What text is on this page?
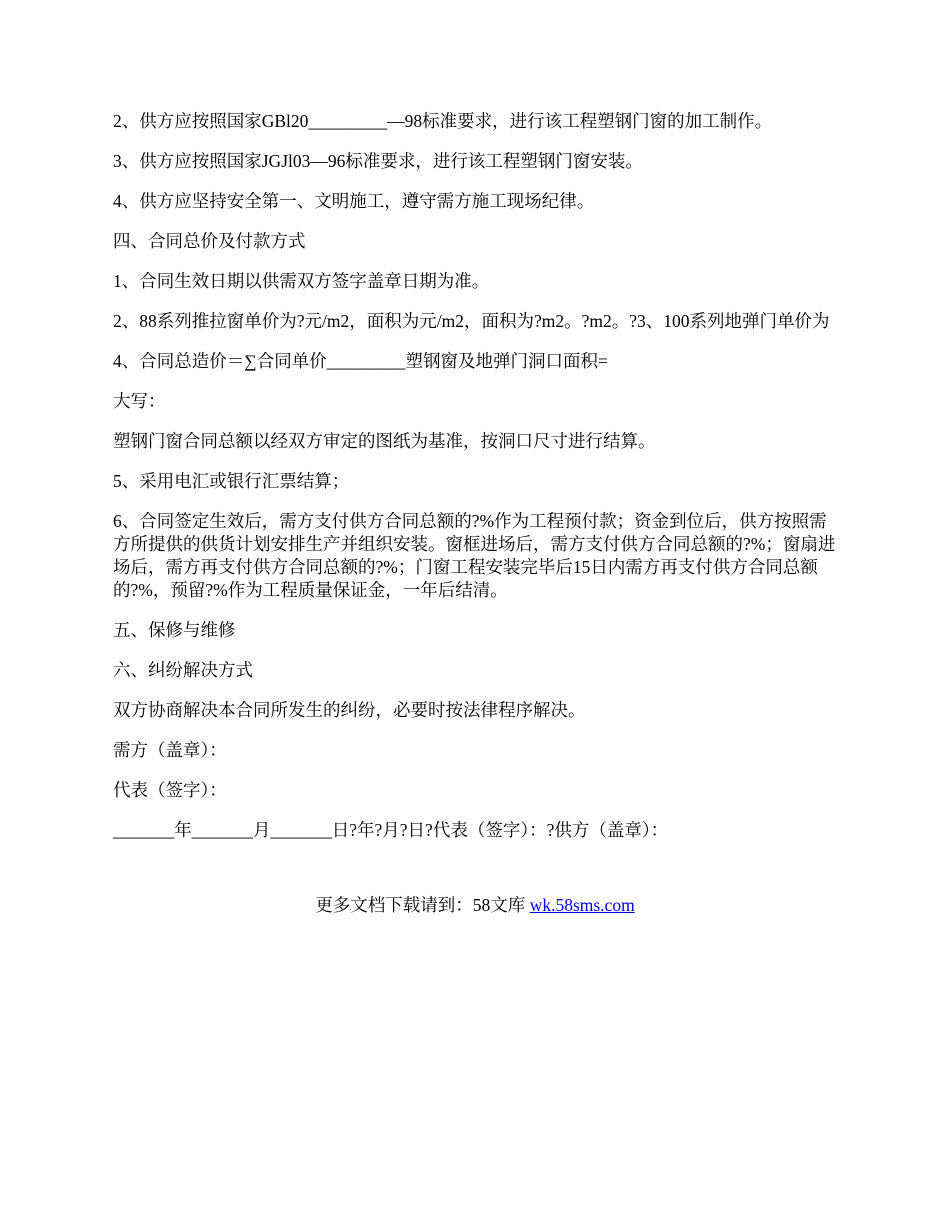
2、供方应按照国家GBl20_________—98标准要求，进行该工程塑钢门窗的加工制作。

3、供方应按照国家JGJl03—96标准要求，进行该工程塑钢门窗安装。

4、供方应坚持安全第一、文明施工，遵守需方施工现场纪律。

四、合同总价及付款方式

1、合同生效日期以供需双方签字盖章日期为准。

2、88系列推拉窗单价为?元/m2，面积为元/m2，面积为?m2。?m2。?3、100系列地弹门单价为

4、合同总造价＝∑合同单价_________塑钢窗及地弹门洞口面积=

大写：

塑钢门窗合同总额以经双方审定的图纸为基准，按洞口尺寸进行结算。

5、采用电汇或银行汇票结算；

6、合同签定生效后，需方支付供方合同总额的?%作为工程预付款；资金到位后，供方按照需方所提供的供货计划安排生产并组织安装。窗框进场后，需方支付供方合同总额的?%；窗扇进场后，需方再支付供方合同总额的?%；门窗工程安装完毕后15日内需方再支付供方合同总额的?%，预留?%作为工程质量保证金，一年后结清。

五、保修与维修

六、纠纷解决方式

双方协商解决本合同所发生的纠纷，必要时按法律程序解决。

需方（盖章）：

代表（签字）：

_______年_______月_______日?年?月?日?代表（签字）：?供方（盖章）：

更多文档下载请到：58文库 wk.58sms.com
